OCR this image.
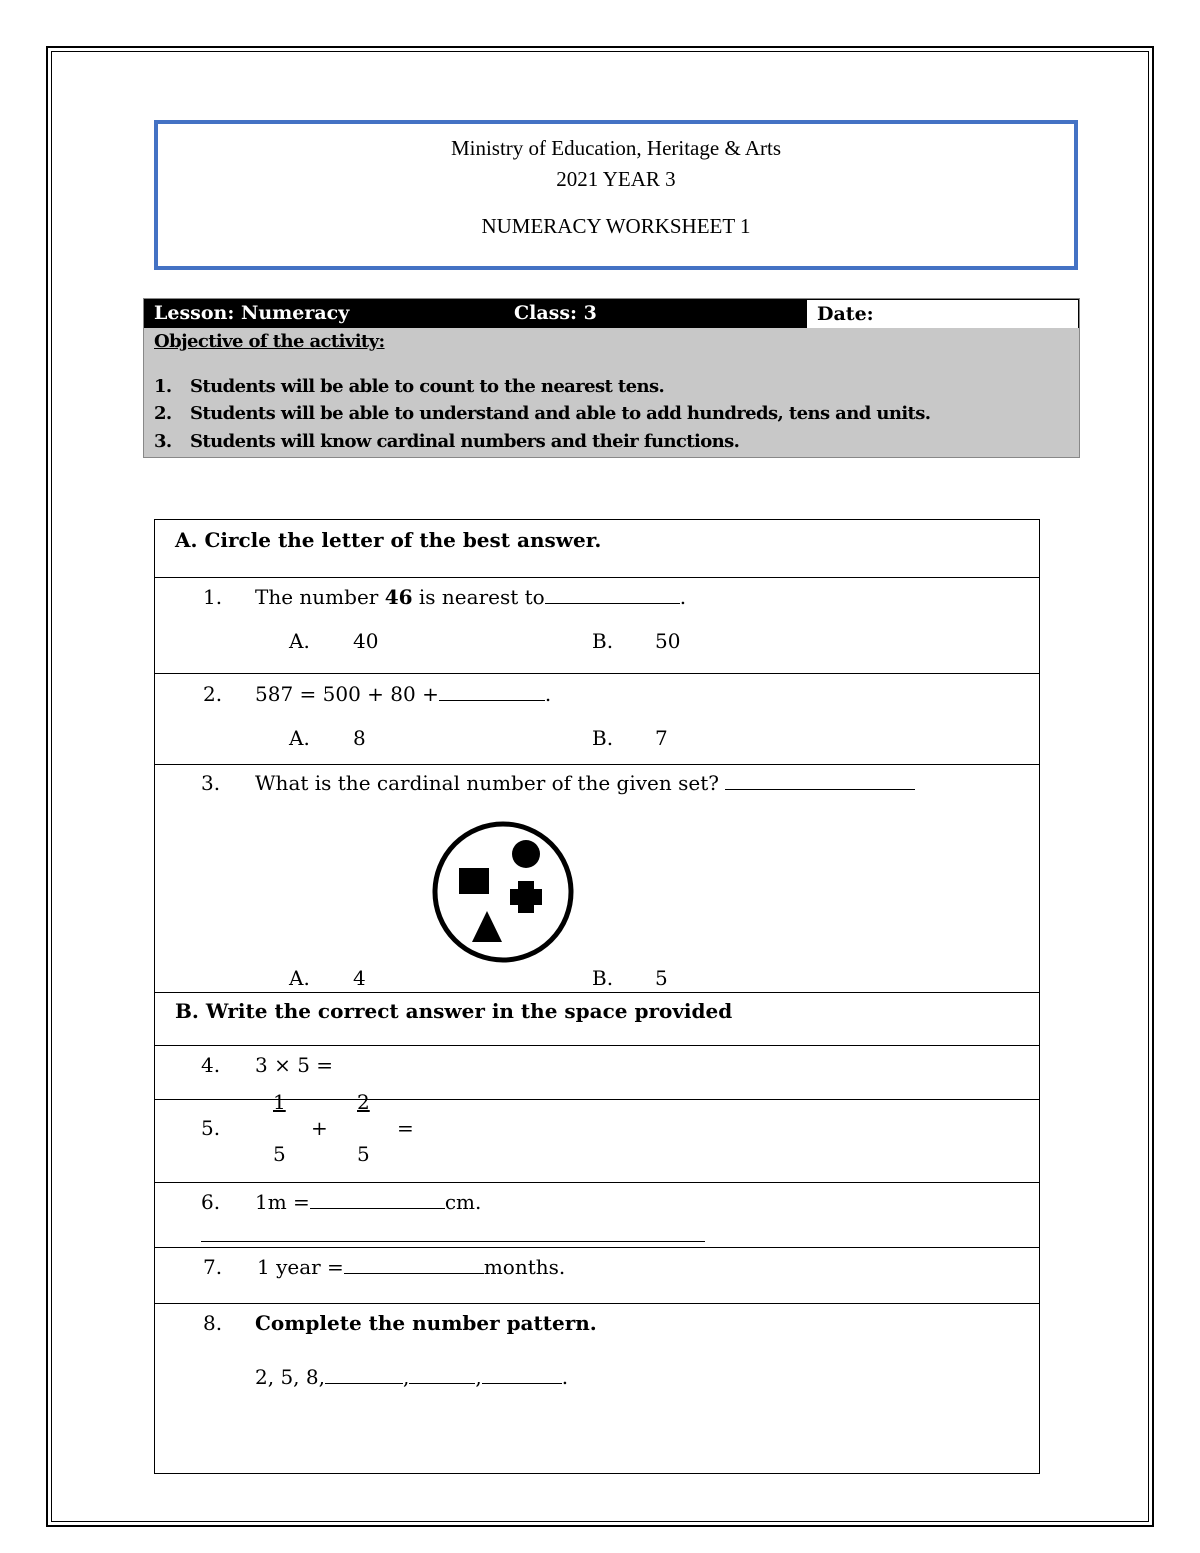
Ministry of Education, Heritage & Arts
2021 YEAR 3
NUMERACY WORKSHEET 1
Lesson: Numeracy	Class: 3	Date:
Objective of the activity:
1. Students will be able to count to the nearest tens.
2. Students will be able to understand and able to add hundreds, tens and units.
3. Students will know cardinal numbers and their functions.
A. Circle the letter of the best answer.
1. The number 46 is nearest to	.
A. 40	B. 50
2. 587 = 500 + 80 +	.
A. 8	B. 7
3. What is the cardinal number of the given set?
A. 4	B. 5
B. Write the correct answer in the space provided
4. 3 × 5 =
5.
1
5
+
2
5
=
6. 1m =	cm.
7. 1 year =	months.
8. Complete the number pattern.
2, 5, 8,	,	,	.
